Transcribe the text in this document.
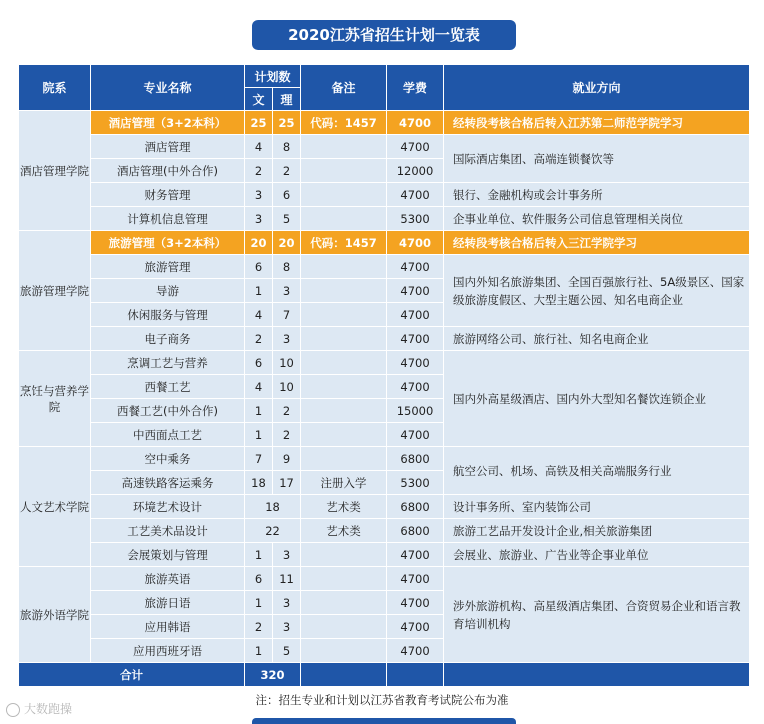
2020江苏省招生计划一览表
院系	专业名称	计划数		备注	学费	就业方向
		文	理			
酒店管理学院	酒店管理（3+2本科）	25	25	代码：1457	4700	经转段考核合格后转入江苏第二师范学院学习
	酒店管理	4	8		4700	国际酒店集团、高端连锁餐饮等
	酒店管理(中外合作)	2	2		12000	
	财务管理	3	6		4700	银行、金融机构或会计事务所
	计算机信息管理	3	5		5300	企事业单位、软件服务公司信息管理相关岗位
旅游管理学院	旅游管理（3+2本科）	20	20	代码：1457	4700	经转段考核合格后转入三江学院学习
	旅游管理	6	8		4700	国内外知名旅游集团、全国百强旅行社、5A级景区、国家级旅游度假区、大型主题公园、知名电商企业
	导游	1	3		4700	
	休闲服务与管理	4	7		4700	
	电子商务	2	3		4700	旅游网络公司、旅行社、知名电商企业
烹饪与营养学院	烹调工艺与营养	6	10		4700	国内外高星级酒店、国内外大型知名餐饮连锁企业
	西餐工艺	4	10		4700	
	西餐工艺(中外合作)	1	2		15000	
	中西面点工艺	1	2		4700	
人文艺术学院	空中乘务	7	9		6800	航空公司、机场、高铁及相关高端服务行业
	高速铁路客运乘务	18	17	注册入学	5300	
	环境艺术设计	18		艺术类	6800	设计事务所、室内装饰公司
	工艺美术品设计	22		艺术类	6800	旅游工艺品开发设计企业,相关旅游集团
	会展策划与管理	1	3		4700	会展业、旅游业、广告业等企事业单位
旅游外语学院	旅游英语	6	11		4700	涉外旅游机构、高星级酒店集团、合资贸易企业和语言教育培训机构
	旅游日语	1	3		4700	
	应用韩语	2	3		4700	
	应用西班牙语	1	5		4700	
合计		320				
注：招生专业和计划以江苏省教育考试院公布为准
大数跑操
